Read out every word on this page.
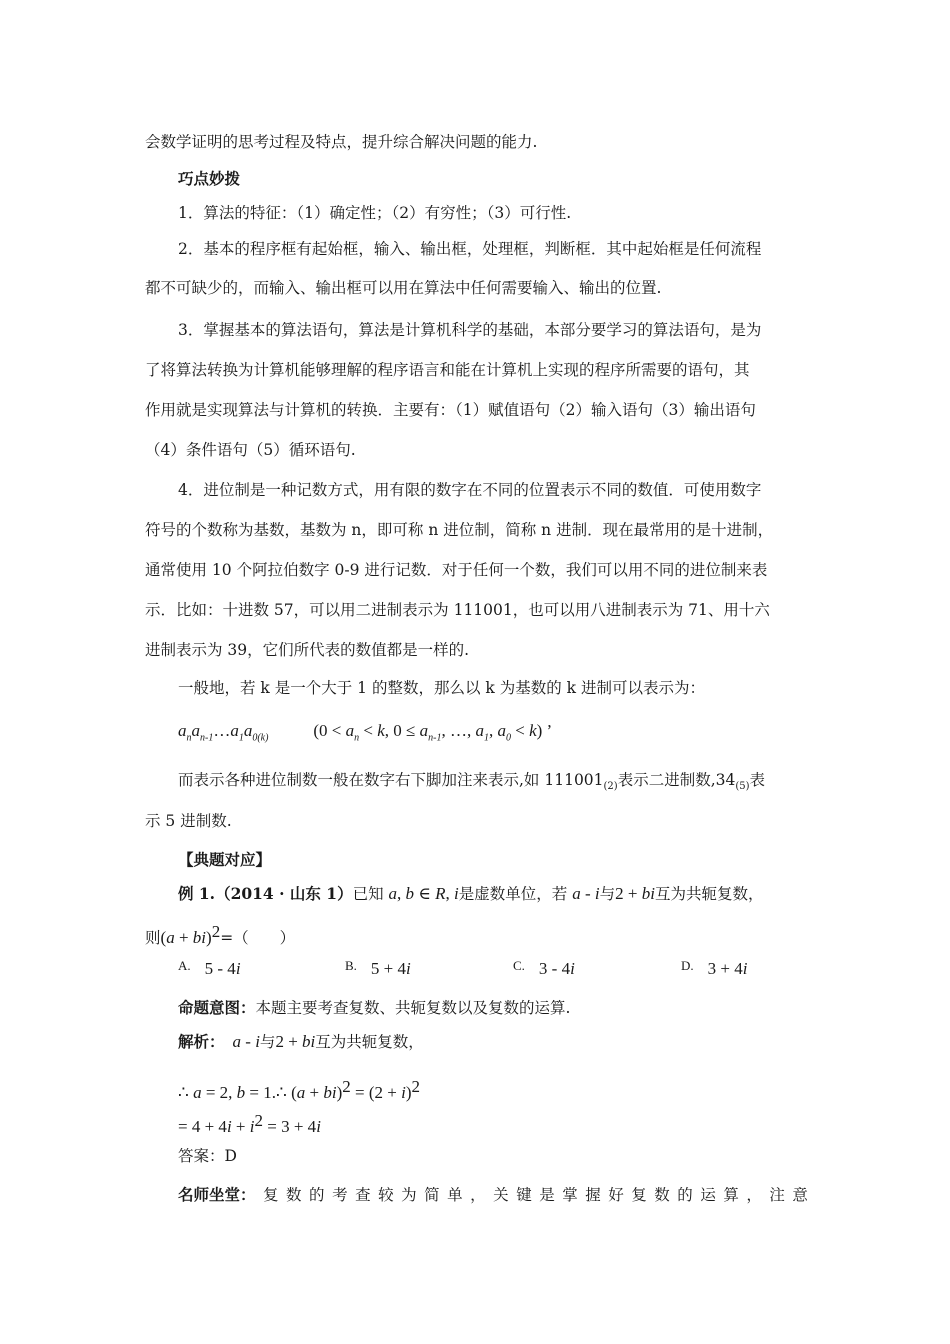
会数学证明的思考过程及特点，提升综合解决问题的能力.
巧点妙拨
1．算法的特征：（1）确定性；（2）有穷性；（3）可行性.
2．基本的程序框有起始框，输入、输出框，处理框，判断框．其中起始框是任何流程
都不可缺少的，而输入、输出框可以用在算法中任何需要输入、输出的位置.
3．掌握基本的算法语句，算法是计算机科学的基础，本部分要学习的算法语句，是为
了将算法转换为计算机能够理解的程序语言和能在计算机上实现的程序所需要的语句，其
作用就是实现算法与计算机的转换．主要有：（1）赋值语句（2）输入语句（3）输出语句
（4）条件语句（5）循环语句.
4．进位制是一种记数方式，用有限的数字在不同的位置表示不同的数值．可使用数字
符号的个数称为基数，基数为 n，即可称 n 进位制，简称 n 进制．现在最常用的是十进制，
通常使用 10 个阿拉伯数字 0-9 进行记数．对于任何一个数，我们可以用不同的进位制来表
示．比如：十进数 57，可以用二进制表示为 111001，也可以用八进制表示为 71、用十六
进制表示为 39，它们所代表的数值都是一样的.
一般地，若 k 是一个大于 1 的整数，那么以 k 为基数的 k 进制可以表示为：
$a_na_{n-1}\dots a_1a_{0(k)}$	($0 < a_n < k$, $0 \le a_{n-1}$, …, $a_1$, $a_0 < k$) ’
而表示各种进位制数一般在数字右下脚加注来表示,如 $111001_{(2)}$表示二进制数$,34_{(5)}$表
示 5 进制数.
【典题对应】
例 1.（2014 · 山东 1）已知 a, b ∈ R, i是虚数单位，若 a - i与2 + bi互为共轭复数，
则(a + bi)$^2$=（　　）
$^{A.}$ 5 - 4i	$^{B.}$ 5 + 4i	$^{C.}$ 3 - 4i	$^{D.}$ 3 + 4i
命题意图：本题主要考查复数、共轭复数以及复数的运算.
解析： a - i与2 + bi互为共轭复数，
∴ a = 2, b = 1.∴ $(a + bi)^2 = (2 + i)^2$
= $4 + 4i + i^2 = 3 + 4i$
答案：D
名师坐堂： 复 数 的 考 查 较 为 简 单 ， 关 键 是 掌 握 好 复 数 的 运 算 ， 注 意
